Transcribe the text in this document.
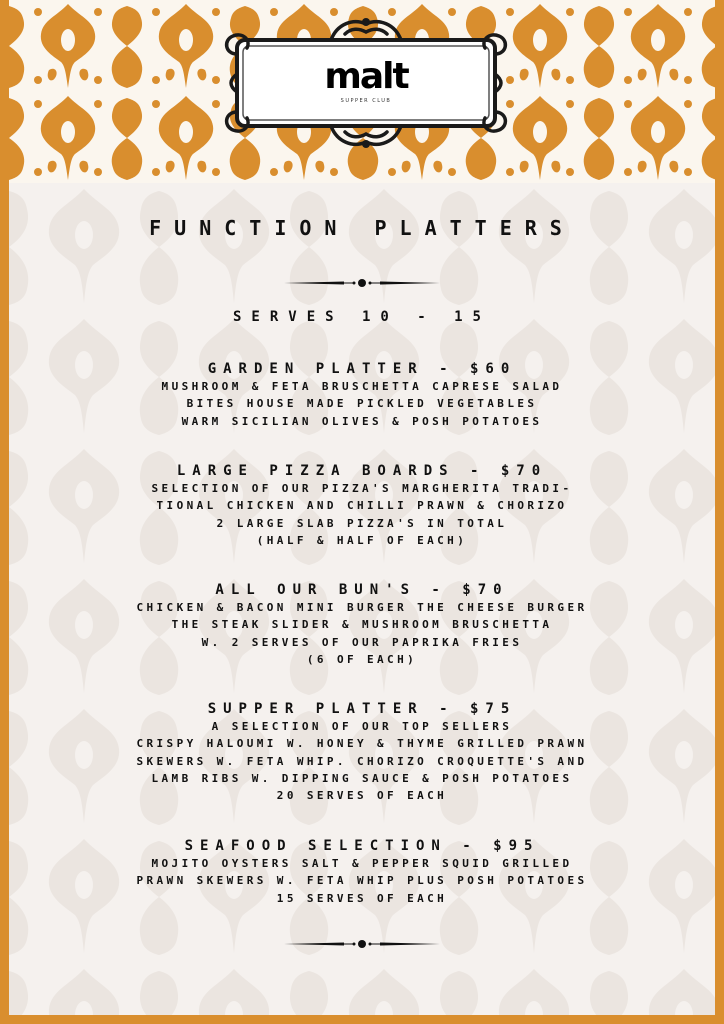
malt
SUPPER CLUB
FUNCTION PLATTERS
SERVES 10 - 15
GARDEN PLATTER - $60
MUSHROOM & FETA BRUSCHETTA CAPRESE SALAD
BITES HOUSE MADE PICKLED VEGETABLES
WARM SICILIAN OLIVES & POSH POTATOES
LARGE PIZZA BOARDS - $70
SELECTION OF OUR PIZZA'S MARGHERITA TRADI-
TIONAL CHICKEN AND CHILLI PRAWN & CHORIZO
2 LARGE SLAB PIZZA'S IN TOTAL
(HALF & HALF OF EACH)
ALL OUR BUN'S - $70
CHICKEN & BACON MINI BURGER THE CHEESE BURGER
THE STEAK SLIDER & MUSHROOM BRUSCHETTA
W. 2 SERVES OF OUR PAPRIKA FRIES
(6 OF EACH)
SUPPER PLATTER - $75
A SELECTION OF OUR TOP SELLERS
CRISPY HALOUMI W. HONEY & THYME GRILLED PRAWN
SKEWERS W. FETA WHIP. CHORIZO CROQUETTE'S AND
LAMB RIBS W. DIPPING SAUCE & POSH POTATOES
20 SERVES OF EACH
SEAFOOD SELECTION - $95
MOJITO OYSTERS SALT & PEPPER SQUID GRILLED
PRAWN SKEWERS W. FETA WHIP PLUS POSH POTATOES
15 SERVES OF EACH
